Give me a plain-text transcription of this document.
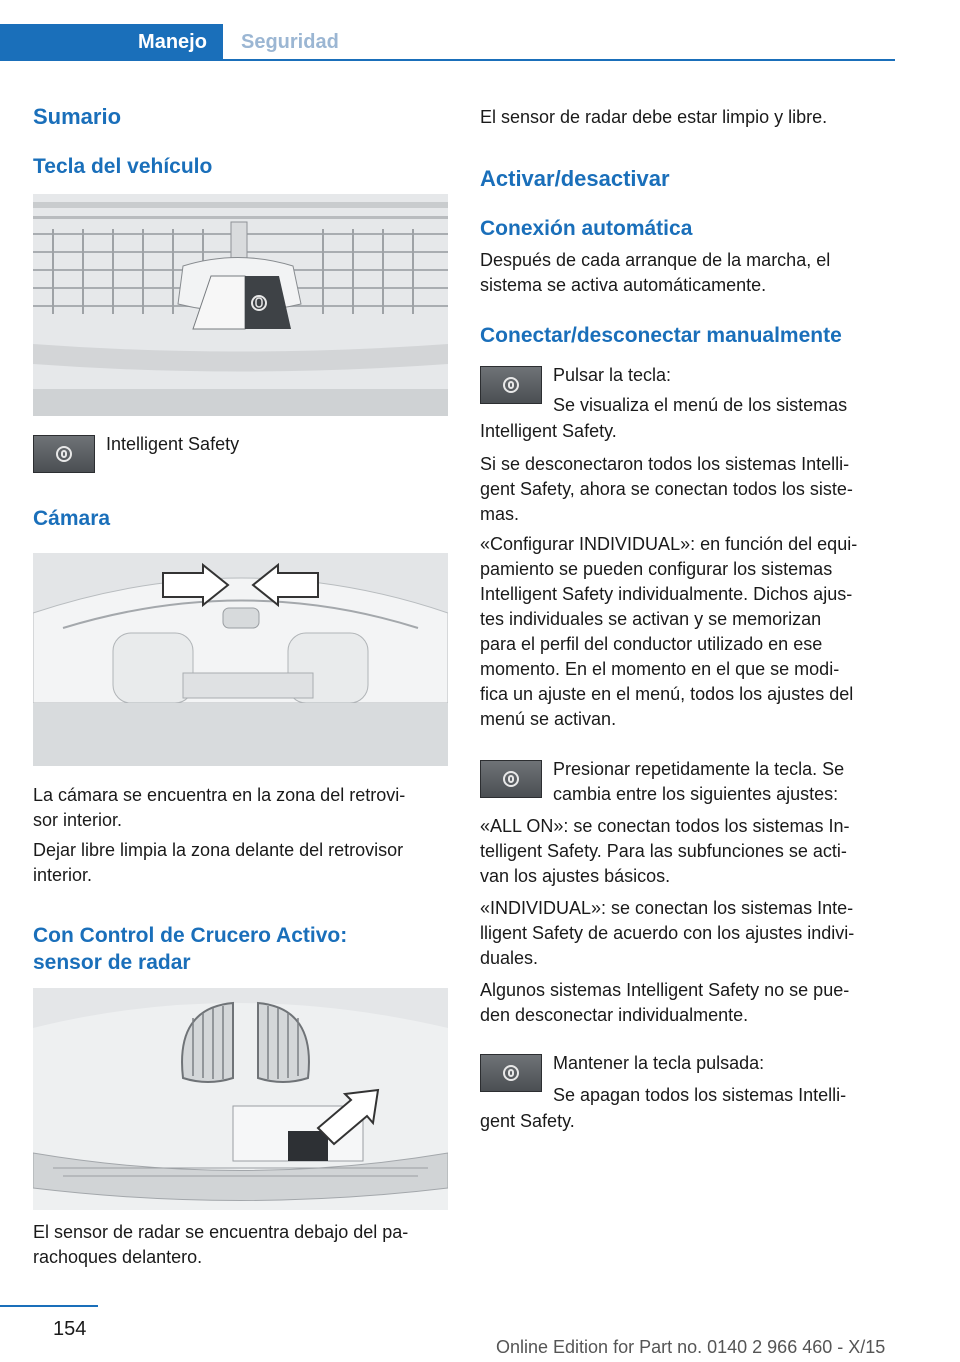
Manejo	Seguridad
Sumario
Tecla del vehículo
Intelligent Safety
Cámara
La cámara se encuentra en la zona del retrovi‐
sor interior.
Dejar libre limpia la zona delante del retrovisor
interior.
Con Control de Crucero Activo:
sensor de radar
El sensor de radar se encuentra debajo del pa‐
rachoques delantero.
El sensor de radar debe estar limpio y libre.
Activar/desactivar
Conexión automática
Después de cada arranque de la marcha, el
sistema se activa automáticamente.
Conectar/desconectar manualmente
Pulsar la tecla:
Se visualiza el menú de los sistemas
Intelligent Safety.
Si se desconectaron todos los sistemas Intelli‐
gent Safety, ahora se conectan todos los siste‐
mas.
«Configurar INDIVIDUAL»: en función del equi‐
pamiento se pueden configurar los sistemas
Intelligent Safety individualmente. Dichos ajus‐
tes individuales se activan y se memorizan
para el perfil del conductor utilizado en ese
momento. En el momento en el que se modi‐
fica un ajuste en el menú, todos los ajustes del
menú se activan.
Presionar repetidamente la tecla. Se
cambia entre los siguientes ajustes:
«ALL ON»: se conectan todos los sistemas In‐
telligent Safety. Para las subfunciones se acti‐
van los ajustes básicos.
«INDIVIDUAL»: se conectan los sistemas Inte‐
lligent Safety de acuerdo con los ajustes indivi‐
duales.
Algunos sistemas Intelligent Safety no se pue‐
den desconectar individualmente.
Mantener la tecla pulsada:
Se apagan todos los sistemas Intelli‐
gent Safety.
154
Online Edition for Part no. 0140 2 966 460 - X/15
